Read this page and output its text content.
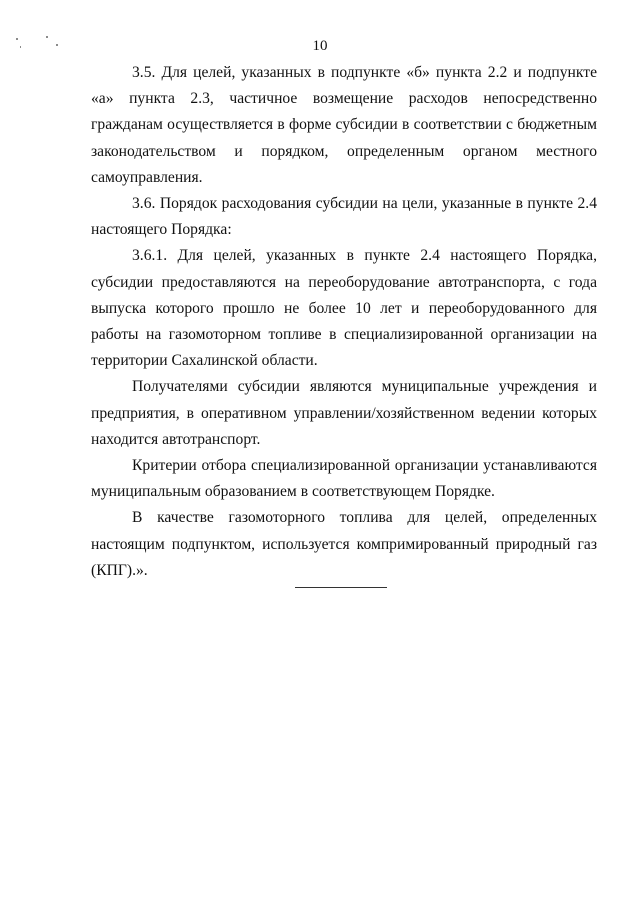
10

3.5. Для целей, указанных в подпункте «б» пункта 2.2 и подпункте «а» пункта 2.3, частичное возмещение расходов непосредственно гражданам осуществляется в форме субсидии в соответствии с бюджетным законодательством и порядком, определенным органом местного самоуправления.

3.6. Порядок расходования субсидии на цели, указанные в пункте 2.4 настоящего Порядка:

3.6.1. Для целей, указанных в пункте 2.4 настоящего Порядка, субсидии предоставляются на переоборудование автотранспорта, с года выпуска которого прошло не более 10 лет и переоборудованного для работы на газомоторном топливе в специализированной организации на территории Сахалинской области.

Получателями субсидии являются муниципальные учреждения и предприятия, в оперативном управлении/хозяйственном ведении которых находится автотранспорт.

Критерии отбора специализированной организации устанавливаются муниципальным образованием в соответствующем Порядке.

В качестве газомоторного топлива для целей, определенных настоящим подпунктом, используется компримированный природный газ (КПГ).».
